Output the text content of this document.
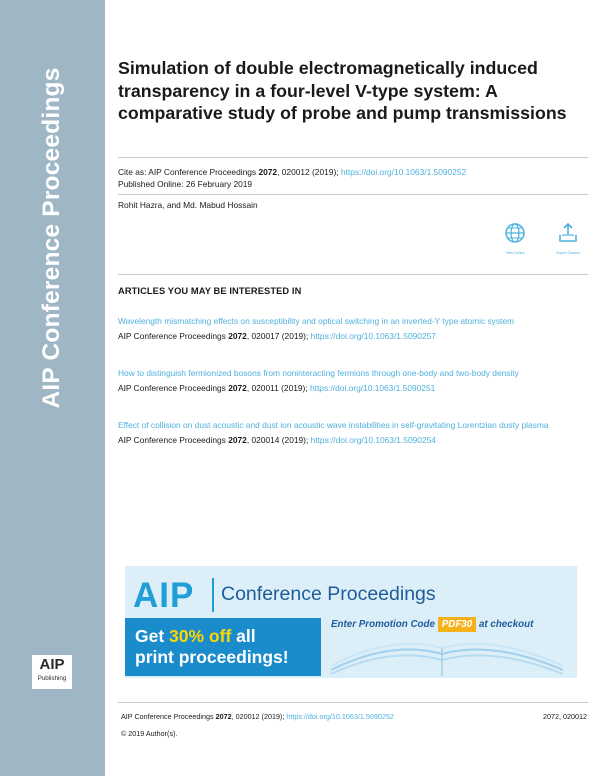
AIP Conference Proceedings
AIP
Publishing
Simulation of double electromagnetically induced transparency in a four-level V-type system: A comparative study of probe and pump transmissions
Cite as: AIP Conference Proceedings 2072, 020012 (2019); https://doi.org/10.1063/1.5090252
Published Online: 26 February 2019
Rohit Hazra, and Md. Mabud Hossain
View Online	Export Citation
ARTICLES YOU MAY BE INTERESTED IN
Wavelength mismatching effects on susceptibility and optical switching in an inverted-Y type atomic system
AIP Conference Proceedings 2072, 020017 (2019); https://doi.org/10.1063/1.5090257
How to distinguish fermionized bosons from noninteracting fermions through one-body and two-body density
AIP Conference Proceedings 2072, 020011 (2019); https://doi.org/10.1063/1.5090251
Effect of collision on dust acoustic and dust ion acoustic wave instabilities in self-gravitating Lorentzian dusty plasma
AIP Conference Proceedings 2072, 020014 (2019); https://doi.org/10.1063/1.5090254
AIP Conference Proceedings
Get 30% off all
print proceedings!
Enter Promotion Code PDF30 at checkout
AIP Conference Proceedings 2072, 020012 (2019); https://doi.org/10.1063/1.5090252	2072, 020012
© 2019 Author(s).
